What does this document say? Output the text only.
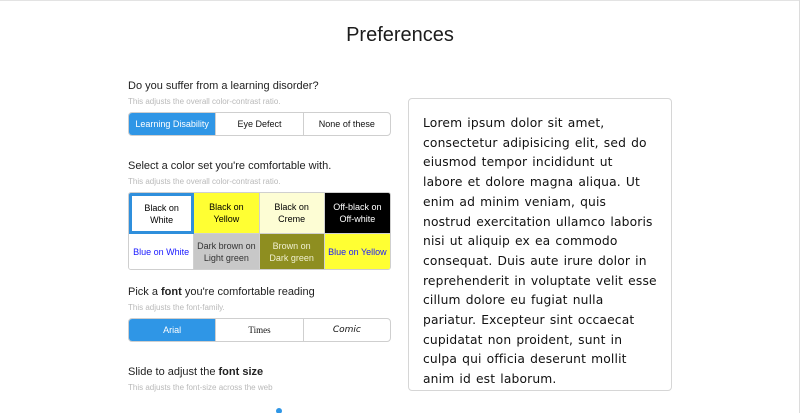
Preferences
Do you suffer from a learning disorder?
This adjusts the overall color-contrast ratio.
Learning Disability	Eye Defect	None of these
Select a color set you're comfortable with.
This adjusts the overall color-contrast ratio.
Black on
White
Black on
Yellow
Black on
Creme
Off-black on
Off-white
Blue on White
Dark brown on
Light green
Brown on
Dark green
Blue on Yellow
Pick a font you're comfortable reading
This adjusts the font-family.
Arial	Times	Comic
Slide to adjust the font size
This adjusts the font-size across the web
Lorem ipsum dolor sit amet, consectetur adipisicing elit, sed do eiusmod tempor incididunt ut labore et dolore magna aliqua. Ut enim ad minim veniam, quis nostrud exercitation ullamco laboris nisi ut aliquip ex ea commodo consequat. Duis aute irure dolor in reprehenderit in voluptate velit esse cillum dolore eu fugiat nulla pariatur. Excepteur sint occaecat cupidatat non proident, sunt in culpa qui officia deserunt mollit anim id est laborum.
